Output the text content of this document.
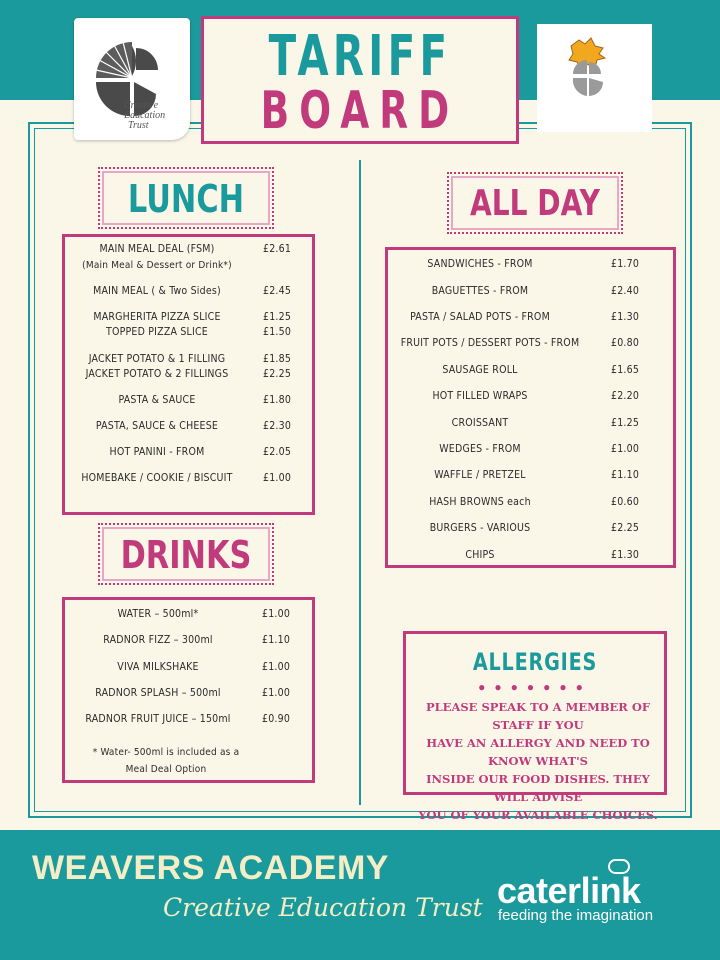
Creative
Education
Trust
TARIFF
BOARD
LUNCH
MAIN MEAL DEAL (FSM)	£2.61
(Main Meal & Dessert or Drink*)
MAIN MEAL ( & Two Sides)	£2.45
MARGHERITA PIZZA SLICE	£1.25
TOPPED PIZZA SLICE	£1.50
JACKET POTATO & 1 FILLING	£1.85
JACKET POTATO & 2 FILLINGS	£2.25
PASTA & SAUCE	£1.80
PASTA, SAUCE & CHEESE	£2.30
HOT PANINI - FROM	£2.05
HOMEBAKE / COOKIE / BISCUIT	£1.00
DRINKS
WATER – 500ml*	£1.00
RADNOR FIZZ – 300ml	£1.10
VIVA MILKSHAKE	£1.00
RADNOR SPLASH – 500ml	£1.00
RADNOR FRUIT JUICE – 150ml	£0.90
* Water- 500ml is included as a
Meal Deal Option
ALL DAY
SANDWICHES - FROM	£1.70
BAGUETTES - FROM	£2.40
PASTA / SALAD POTS - FROM	£1.30
FRUIT POTS / DESSERT POTS - FROM	£0.80
SAUSAGE ROLL	£1.65
HOT FILLED WRAPS	£2.20
CROISSANT	£1.25
WEDGES - FROM	£1.00
WAFFLE / PRETZEL	£1.10
HASH BROWNS each	£0.60
BURGERS - VARIOUS	£2.25
CHIPS	£1.30
ALLERGIES
●●●●●●●
PLEASE SPEAK TO A MEMBER OF STAFF IF YOU
HAVE AN ALLERGY AND NEED TO KNOW WHAT'S
INSIDE OUR FOOD DISHES. THEY WILL ADVISE
YOU OF YOUR AVAILABLE CHOICES.
WEAVERS ACADEMY
Creative Education Trust caterlink
feeding the imagination
